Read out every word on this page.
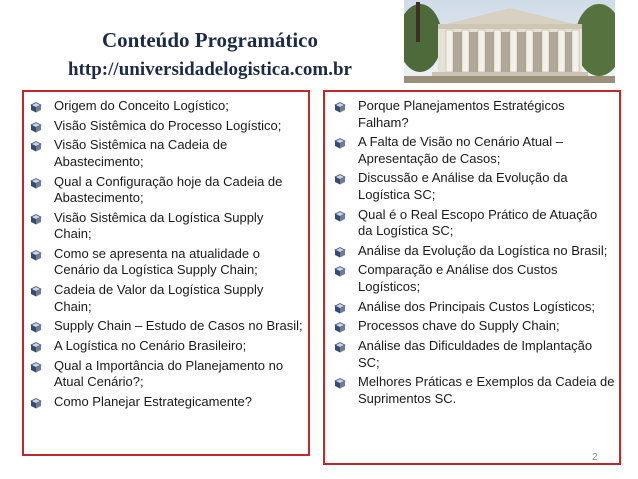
Conteúdo Programático
http://universidadelogistica.com.br
Origem do Conceito Logístico;
Visão Sistêmica do Processo Logístico;
Visão Sistêmica na Cadeia de Abastecimento;
Qual a Configuração hoje da Cadeia de Abastecimento;
Visão Sistêmica da Logística Supply Chain;
Como se apresenta na atualidade o Cenário da Logística Supply Chain;
Cadeia de Valor da Logística Supply Chain;
Supply Chain – Estudo de Casos no Brasil;
A Logística no Cenário Brasileiro;
Qual a Importância do Planejamento no Atual Cenário?;
Como Planejar Estrategicamente?
Porque Planejamentos Estratégicos Falham?
A Falta de Visão no Cenário Atual – Apresentação de Casos;
Discussão e Análise da Evolução da Logística SC;
Qual é o Real Escopo Prático de Atuação da Logística SC;
Análise da Evolução da Logística no Brasil;
Comparação e Análise dos Custos Logísticos;
Análise dos Principais Custos Logísticos;
Processos chave do Supply Chain;
Análise das Dificuldades de Implantação SC;
Melhores Práticas e Exemplos da Cadeia de Suprimentos SC.
2
